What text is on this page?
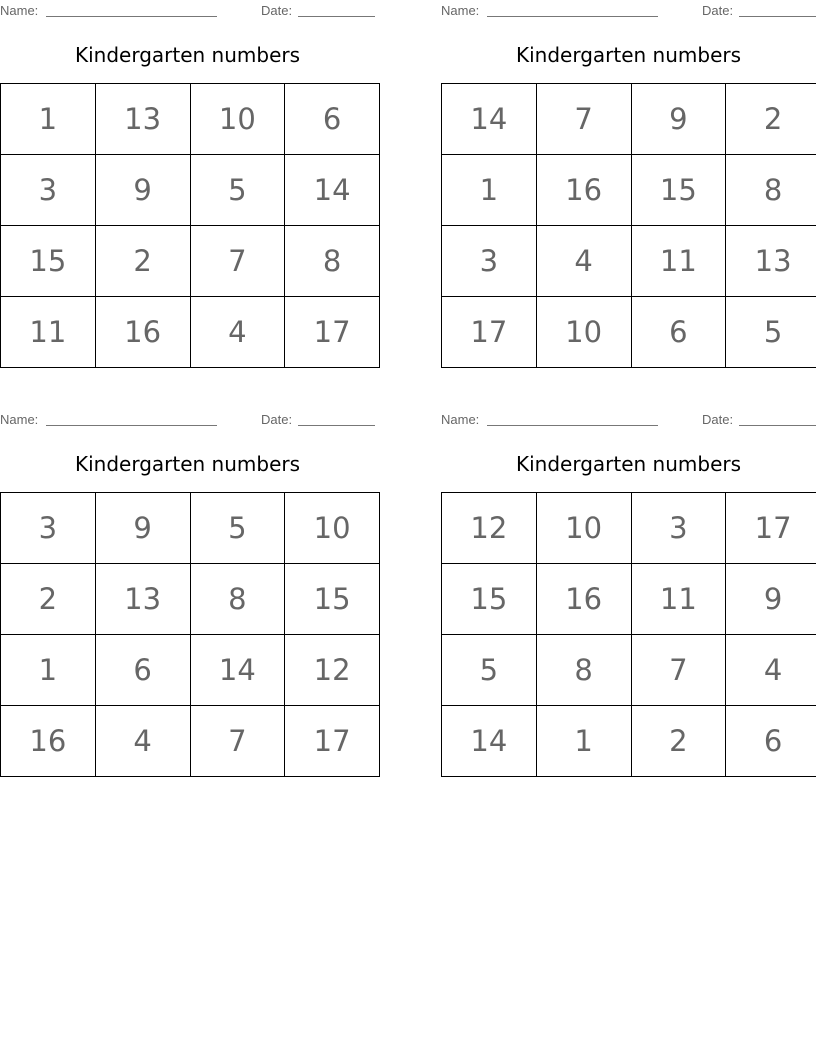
Name:	Date:
Kindergarten numbers
1	13	10	6
3	9	5	14
15	2	7	8
11	16	4	17
Name:	Date:
Kindergarten numbers
14	7	9	2
1	16	15	8
3	4	11	13
17	10	6	5
Name:	Date:
Kindergarten numbers
3	9	5	10
2	13	8	15
1	6	14	12
16	4	7	17
Name:	Date:
Kindergarten numbers
12	10	3	17
15	16	11	9
5	8	7	4
14	1	2	6
